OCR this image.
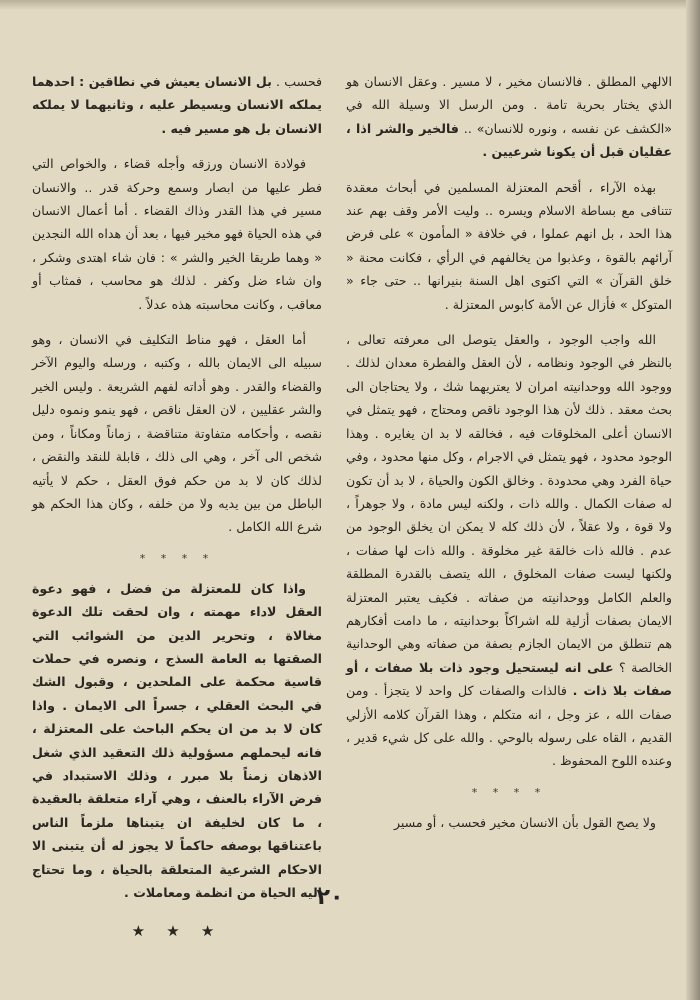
الالهي المطلق . فالانسان مخير ، لا مسير . وعقل الانسان هو الذي يختار بحرية تامة . ومن الرسل الا وسيلة الله في «الكشف عن نفسه ، ونوره للانسان» .. فالخير والشر اذا ، عقليان قبل أن يكونا شرعيين .

بهذه الآراء ، أقحم المعتزلة المسلمين في أبحاث معقدة تتنافى مع بساطة الاسلام ويسره .. وليت الأمر وقف بهم عند هذا الحد ، بل انهم عملوا ، في خلافة « المأمون » على فرض آرائهم بالقوة ، وعذبوا من يخالفهم في الرأي ، فكانت محنة « خلق القرآن » التي اكتوى اهل السنة بنيرانها .. حتى جاء « المتوكل » فأزال عن الأمة كابوس المعتزلة .

الله واجب الوجود ، والعقل يتوصل الى معرفته تعالى ، بالنظر في الوجود ونظامه ، لأن العقل والفطرة معدان لذلك . ووجود الله ووحدانيته امران لا يعتريهما شك ، ولا يحتاجان الى بحث معقد . ذلك لأن هذا الوجود ناقص ومحتاج ، فهو يتمثل في الانسان أعلى المخلوقات فيه ، فخالقه لا بد ان يغايره . وهذا الوجود محدود ، فهو يتمثل في الاجرام ، وكل منها محدود ، وفي حياة الفرد وهي محدودة . وخالق الكون والحياة ، لا بد أن تكون له صفات الكمال . والله ذات ، ولكنه ليس مادة ، ولا جوهراً ، ولا قوة ، ولا عقلاً ، لأن ذلك كله لا يمكن ان يخلق الوجود من عدم . فالله ذات خالقة غير مخلوقة . والله ذات لها صفات ، ولكنها ليست صفات المخلوق ، الله يتصف بالقدرة المطلقة والعلم الكامل ووحدانيته من صفاته . فكيف يعتبر المعتزلة الايمان بصفات أزلية لله اشراكاً بوحدانيته ، ما دامت أفكارهم هم تنطلق من الايمان الجازم بصفة من صفاته وهي الوحدانية الخالصة ؟ على انه ليستحيل وجود ذات بلا صفات ، أو صفات بلا ذات . فالذات والصفات كل واحد لا يتجزأ . ومن صفات الله ، عز وجل ، انه متكلم ، وهذا القرآن كلامه الأزلي القديم ، القاه على رسوله بالوحي . والله على كل شيء قدير ، وعنده اللوح المحفوظ .

* * * *

ولا يصح القول بأن الانسان مخير فحسب ، أو مسير

فحسب . بل الانسان يعيش في نطاقين : احدهما يملكه الانسان ويسيطر عليه ، وثانيهما لا يملكه الانسان بل هو مسير فيه .

فولادة الانسان ورزقه وأجله قضاء ، والخواص التي فطر عليها من ابصار وسمع وحركة قدر .. والانسان مسير في هذا القدر وذاك القضاء . أما أعمال الانسان في هذه الحياة فهو مخير فيها ، بعد أن هداه الله النجدين « وهما طريقا الخير والشر » : فان شاء اهتدى وشكر ، وان شاء ضل وكفر . لذلك هو محاسب ، فمثاب أو معاقب ، وكانت محاسبته هذه عدلاً .

أما العقل ، فهو مناط التكليف في الانسان ، وهو سبيله الى الايمان بالله ، وكتبه ، ورسله واليوم الآخر والقضاء والقدر . وهو أداته لفهم الشريعة . وليس الخير والشر عقليين ، لان العقل ناقص ، فهو ينمو ونموه دليل نقصه ، وأحكامه متفاوتة متناقضة ، زماناً ومكاناً ، ومن شخص الى آخر ، وهي الى ذلك ، قابلة للنقد والنقض ، لذلك كان لا بد من حكم فوق العقل ، حكم لا يأتيه الباطل من بين يديه ولا من خلفه ، وكان هذا الحكم هو شرع الله الكامل .

* * * *

واذا كان للمعتزلة من فضل ، فهو دعوة العقل لاداء مهمته ، وان لحقت تلك الدعوة مغالاة ، وتحرير الدين من الشوائب التي الصقتها به العامة السذج ، ونصره في حملات قاسية محكمة على الملحدين ، وقبول الشك في البحث العقلي ، جسراً الى الايمان . واذا كان لا بد من ان يحكم الباحث على المعتزلة ، فانه ليحملهم مسؤولية ذلك التعقيد الذي شغل الاذهان زمناً بلا مبرر ، وذلك الاستبداد في فرض الآراء بالعنف ، وهي آراء متعلقة بالعقيدة ، ما كان لخليفة ان يتبناها ملزماً الناس باعتناقها بوصفه حاكماً لا يجوز له أن يتبنى الا الاحكام الشرعية المتعلقة بالحياة ، وما تحتاج اليه الحياة من انظمة ومعاملات .

★ ★ ★
٢٠
